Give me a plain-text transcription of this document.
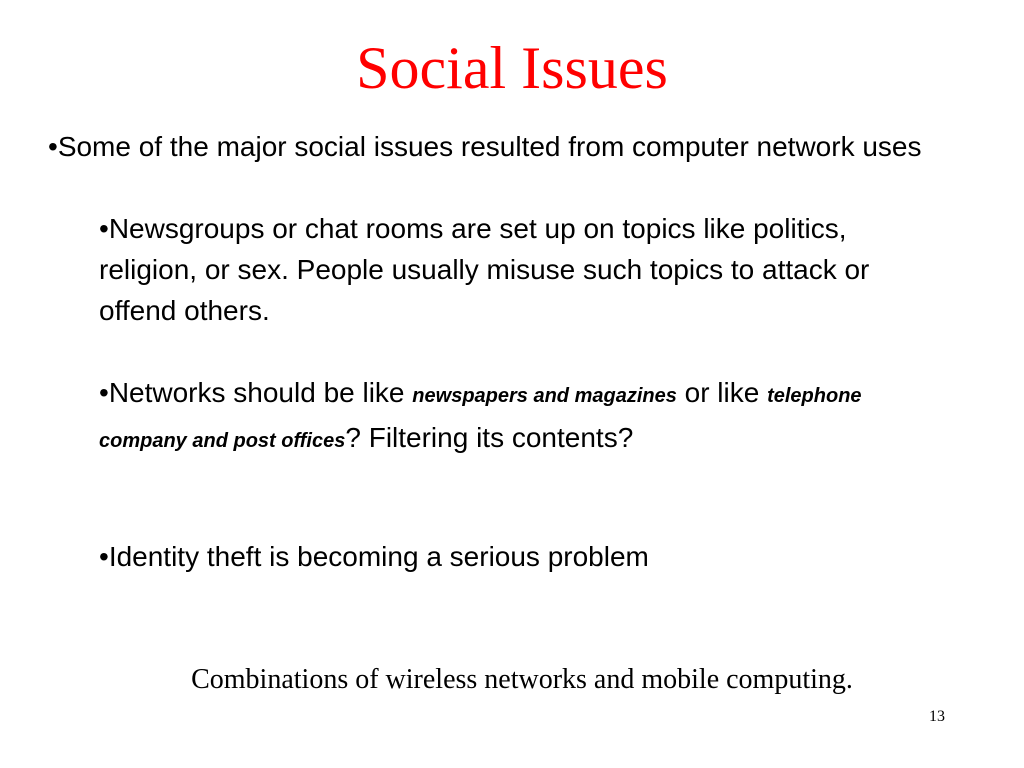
Social Issues
•Some of the major social issues resulted from computer network uses
•Newsgroups or chat rooms are set up on topics like politics, religion, or sex. People usually misuse such topics to attack or offend others.
•Networks should be like newspapers and magazines or like telephone company and post offices? Filtering its contents?
•Identity theft is becoming a serious problem
Combinations of wireless networks and mobile computing.
13
